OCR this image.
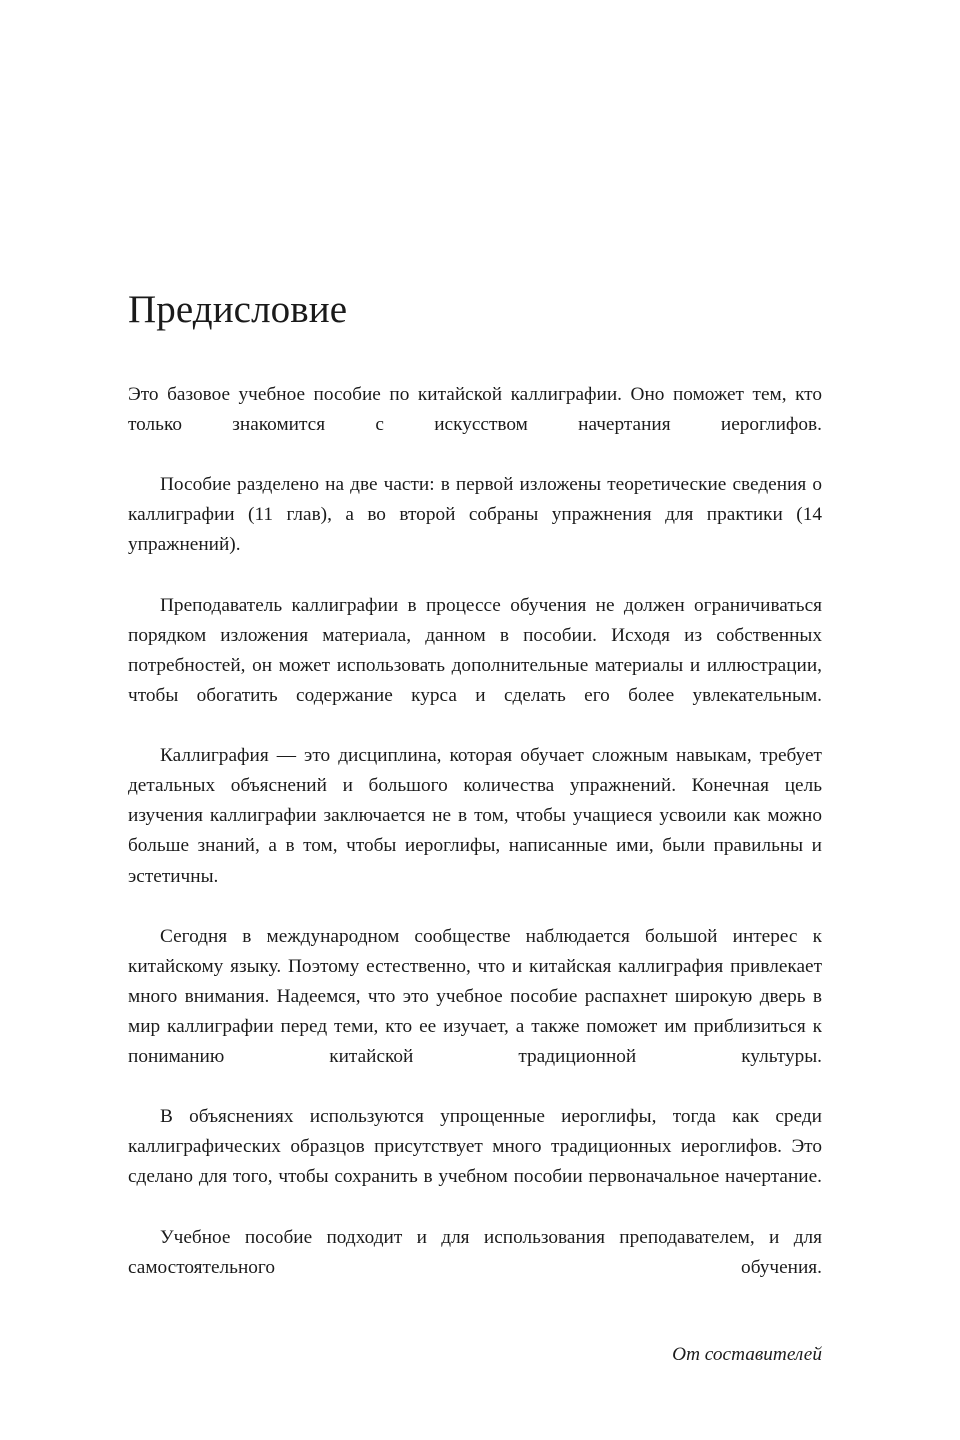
Предисловие

Это базовое учебное пособие по китайской каллиграфии. Оно поможет тем, кто только знакомится с искусством начертания иероглифов.

Пособие разделено на две части: в первой изложены теоретические сведения о каллиграфии (11 глав), а во второй собраны упражнения для практики (14 упражнений).

Преподаватель каллиграфии в процессе обучения не должен ограничиваться порядком изложения материала, данном в пособии. Исходя из собственных потребностей, он может использовать дополнительные материалы и иллюстрации, чтобы обогатить содержание курса и сделать его более увлекательным.

Каллиграфия — это дисциплина, которая обучает сложным навыкам, требует детальных объяснений и большого количества упражнений. Конечная цель изучения каллиграфии заключается не в том, чтобы учащиеся усвоили как можно больше знаний, а в том, чтобы иероглифы, написанные ими, были правильны и эстетичны.

Сегодня в международном сообществе наблюдается большой интерес к китайскому языку. Поэтому естественно, что и китайская каллиграфия привлекает много внимания. Надеемся, что это учебное пособие распахнет широкую дверь в мир каллиграфии перед теми, кто ее изучает, а также поможет им приблизиться к пониманию китайской традиционной культуры.

В объяснениях используются упрощенные иероглифы, тогда как среди каллиграфических образцов присутствует много традиционных иероглифов. Это сделано для того, чтобы сохранить в учебном пособии первоначальное начертание.

Учебное пособие подходит и для использования преподавателем, и для самостоятельного обучения.

От составителей
